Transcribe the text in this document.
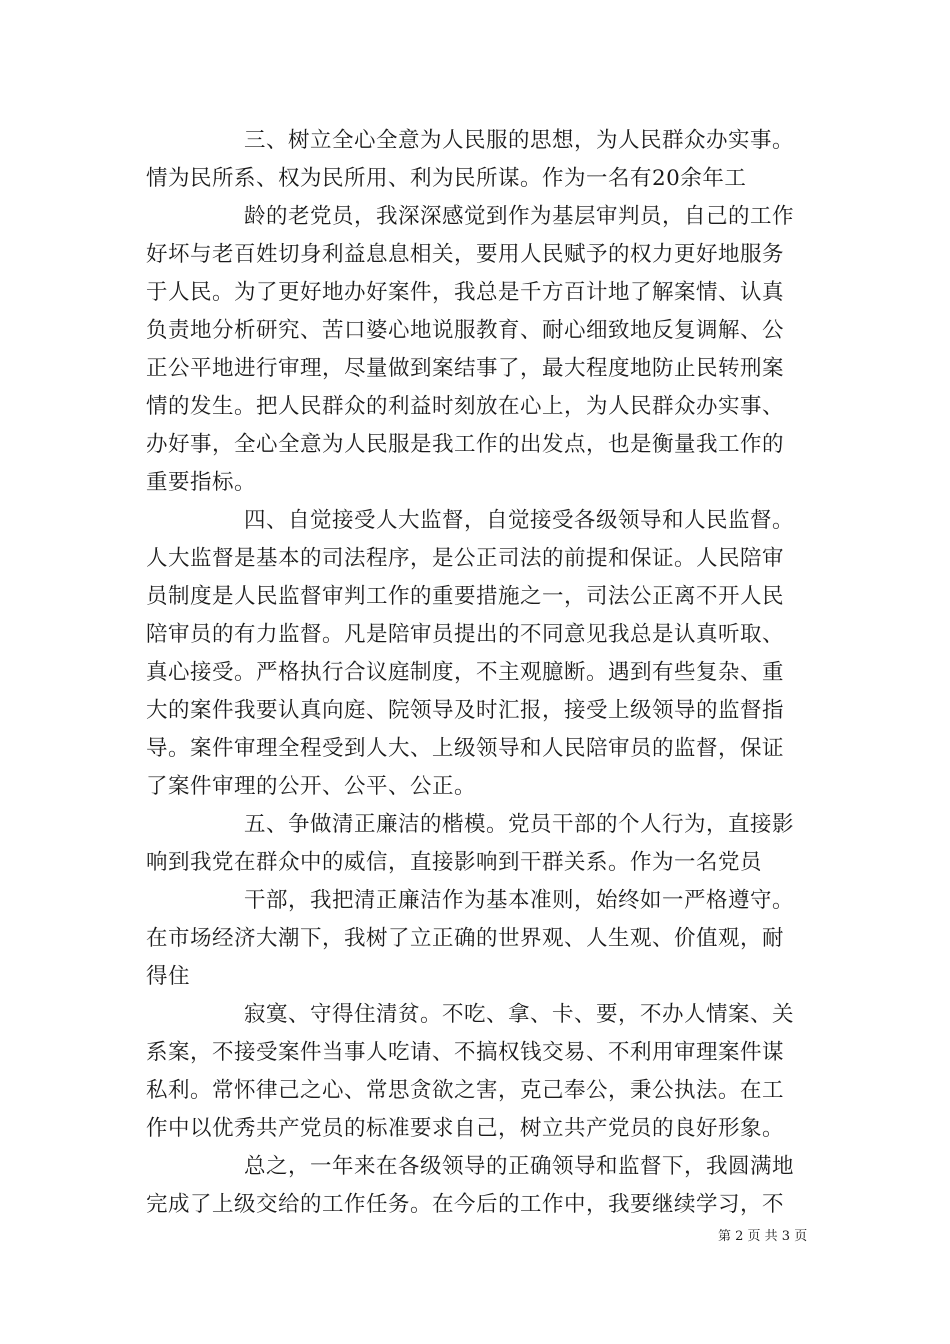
三、树立全心全意为人民服的思想，为人民群众办实事。
情为民所系、权为民所用、利为民所谋。作为一名有20余年工
龄的老党员，我深深感觉到作为基层审判员，自己的工作
好坏与老百姓切身利益息息相关，要用人民赋予的权力更好地服务
于人民。为了更好地办好案件，我总是千方百计地了解案情、认真
负责地分析研究、苦口婆心地说服教育、耐心细致地反复调解、公
正公平地进行审理，尽量做到案结事了，最大程度地防止民转刑案
情的发生。把人民群众的利益时刻放在心上，为人民群众办实事、
办好事，全心全意为人民服是我工作的出发点，也是衡量我工作的
重要指标。
四、自觉接受人大监督，自觉接受各级领导和人民监督。
人大监督是基本的司法程序，是公正司法的前提和保证。人民陪审
员制度是人民监督审判工作的重要措施之一，司法公正离不开人民
陪审员的有力监督。凡是陪审员提出的不同意见我总是认真听取、
真心接受。严格执行合议庭制度，不主观臆断。遇到有些复杂、重
大的案件我要认真向庭、院领导及时汇报，接受上级领导的监督指
导。案件审理全程受到人大、上级领导和人民陪审员的监督，保证
了案件审理的公开、公平、公正。
五、争做清正廉洁的楷模。党员干部的个人行为，直接影
响到我党在群众中的威信，直接影响到干群关系。作为一名党员
干部，我把清正廉洁作为基本准则，始终如一严格遵守。
在市场经济大潮下，我树了立正确的世界观、人生观、价值观，耐
得住
寂寞、守得住清贫。不吃、拿、卡、要，不办人情案、关
系案，不接受案件当事人吃请、不搞权钱交易、不利用审理案件谋
私利。常怀律己之心、常思贪欲之害，克己奉公，秉公执法。在工
作中以优秀共产党员的标准要求自己，树立共产党员的良好形象。
总之，一年来在各级领导的正确领导和监督下，我圆满地
完成了上级交给的工作任务。在今后的工作中，我要继续学习，不
第 2 页 共 3 页
